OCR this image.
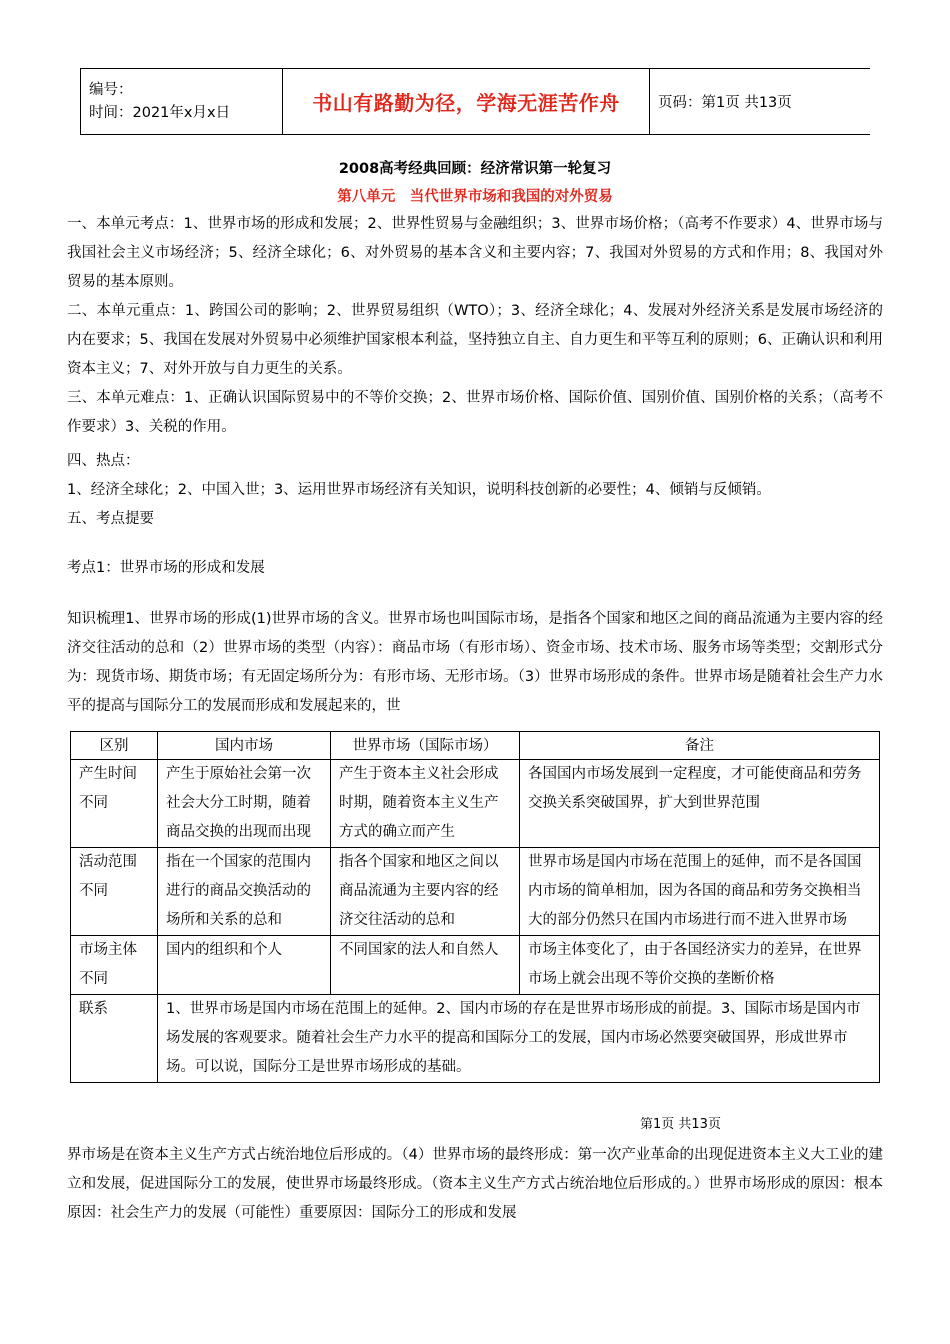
编号：
时间：2021年x月x日	书山有路勤为径，学海无涯苦作舟	页码：第1页 共13页
2008高考经典回顾：经济常识第一轮复习
第八单元　当代世界市场和我国的对外贸易
一、本单元考点：1、世界市场的形成和发展；2、世界性贸易与金融组织；3、世界市场价格；（高考不作要求）4、世界市场与我国社会主义市场经济；5、经济全球化；6、对外贸易的基本含义和主要内容；7、我国对外贸易的方式和作用；8、我国对外贸易的基本原则。
二、本单元重点：1、跨国公司的影响；2、世界贸易组织（WTO）；3、经济全球化；4、发展对外经济关系是发展市场经济的内在要求；5、我国在发展对外贸易中必须维护国家根本利益，坚持独立自主、自力更生和平等互利的原则；6、正确认识和利用资本主义；7、对外开放与自力更生的关系。
三、本单元难点：1、正确认识国际贸易中的不等价交换；2、世界市场价格、国际价值、国别价值、国别价格的关系；（高考不作要求）3、关税的作用。
四、热点：
1、经济全球化；2、中国入世；3、运用世界市场经济有关知识，说明科技创新的必要性；4、倾销与反倾销。
五、考点提要
考点1：世界市场的形成和发展
知识梳理1、世界市场的形成(1)世界市场的含义。世界市场也叫国际市场，是指各个国家和地区之间的商品流通为主要内容的经济交往活动的总和（2）世界市场的类型（内容）：商品市场（有形市场）、资金市场、技术市场、服务市场等类型；交割形式分为：现货市场、期货市场；有无固定场所分为：有形市场、无形市场。（3）世界市场形成的条件。世界市场是随着社会生产力水平的提高与国际分工的发展而形成和发展起来的，世
区别	国内市场	世界市场（国际市场）	备注
产生时间不同	产生于原始社会第一次社会大分工时期，随着商品交换的出现而出现	产生于资本主义社会形成时期，随着资本主义生产方式的确立而产生	各国国内市场发展到一定程度，才可能使商品和劳务交换关系突破国界，扩大到世界范围
活动范围不同	指在一个国家的范围内进行的商品交换活动的场所和关系的总和	指各个国家和地区之间以商品流通为主要内容的经济交往活动的总和	世界市场是国内市场在范围上的延伸，而不是各国国内市场的简单相加，因为各国的商品和劳务交换相当大的部分仍然只在国内市场进行而不进入世界市场
市场主体不同	国内的组织和个人	不同国家的法人和自然人	市场主体变化了，由于各国经济实力的差异，在世界市场上就会出现不等价交换的垄断价格
联系	1、世界市场是国内市场在范围上的延伸。2、国内市场的存在是世界市场形成的前提。3、国际市场是国内市场发展的客观要求。随着社会生产力水平的提高和国际分工的发展，国内市场必然要突破国界，形成世界市场。可以说，国际分工是世界市场形成的基础。		
第1页 共13页
界市场是在资本主义生产方式占统治地位后形成的。（4）世界市场的最终形成：第一次产业革命的出现促进资本主义大工业的建立和发展，促进国际分工的发展，使世界市场最终形成。（资本主义生产方式占统治地位后形成的。）世界市场形成的原因：根本原因：社会生产力的发展（可能性）重要原因：国际分工的形成和发展
